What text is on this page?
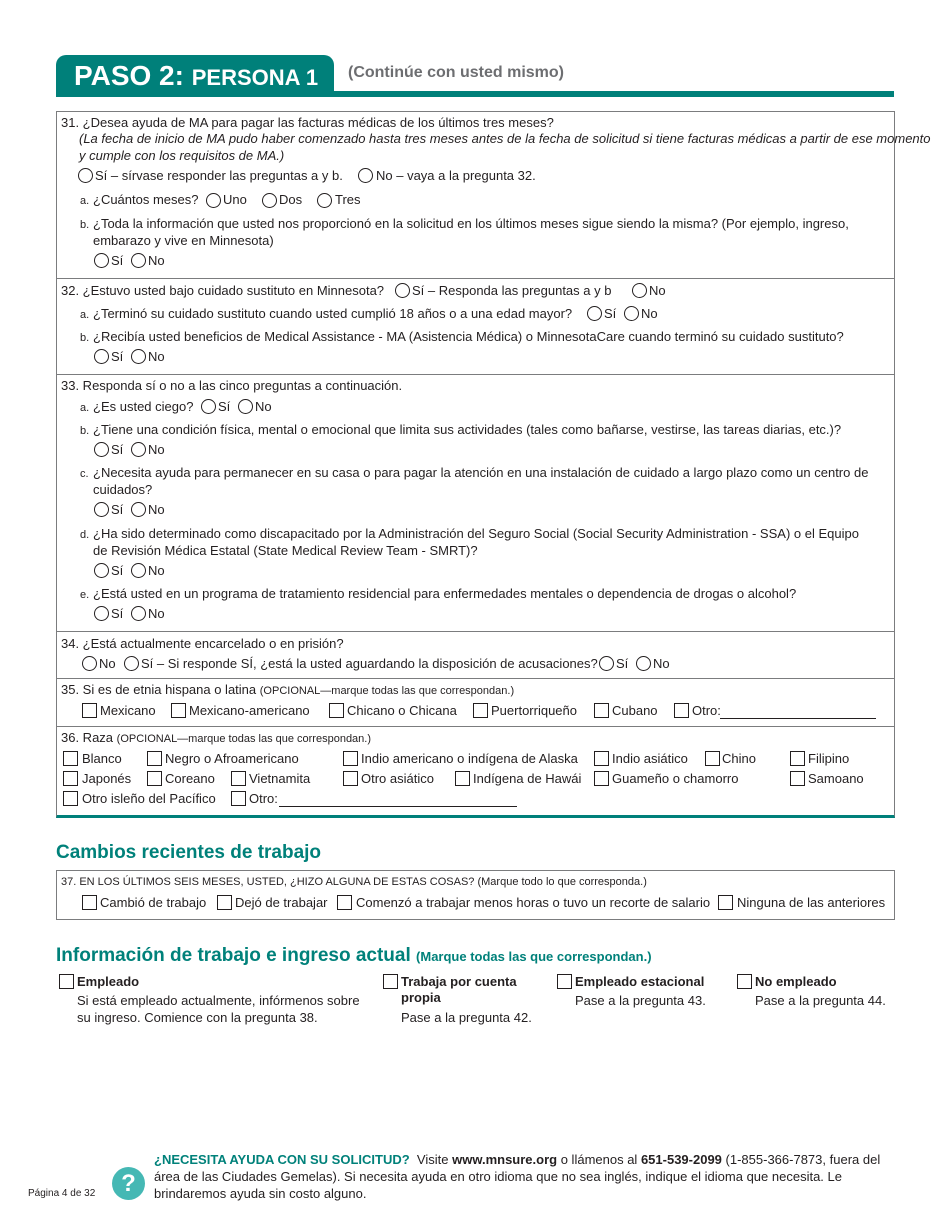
PASO 2: PERSONA 1 (Continúe con usted mismo)
31. ¿Desea ayuda de MA para pagar las facturas médicas de los últimos tres meses?
(La fecha de inicio de MA pudo haber comenzado hasta tres meses antes de la fecha de solicitud si tiene facturas médicas a partir de ese momento
y cumple con los requisitos de MA.)
Sí – sírvase responder las preguntas a y b.	No – vaya a la pregunta 32.
a. ¿Cuántos meses? Uno Dos	Tres
b. ¿Toda la información que usted nos proporcionó en la solicitud en los últimos meses sigue siendo la misma? (Por ejemplo, ingreso,
embarazo y vive en Minnesota)
Sí No
32. ¿Estuvo usted bajo cuidado sustituto en Minnesota? Sí – Responda las preguntas a y b	No
a. ¿Terminó su cuidado sustituto cuando usted cumplió 18 años o a una edad mayor? Sí No
b. ¿Recibía usted beneficios de Medical Assistance - MA (Asistencia Médica) o MinnesotaCare cuando terminó su cuidado sustituto?
Sí No
33. Responda sí o no a las cinco preguntas a continuación.
a. ¿Es usted ciego? Sí No
b. ¿Tiene una condición física, mental o emocional que limita sus actividades (tales como bañarse, vestirse, las tareas diarias, etc.)?
Sí No
c. ¿Necesita ayuda para permanecer en su casa o para pagar la atención en una instalación de cuidado a largo plazo como un centro de
cuidados?
Sí No
d. ¿Ha sido determinado como discapacitado por la Administración del Seguro Social (Social Security Administration - SSA) o el Equipo
de Revisión Médica Estatal (State Medical Review Team - SMRT)?
Sí No
e. ¿Está usted en un programa de tratamiento residencial para enfermedades mentales o dependencia de drogas o alcohol?
Sí No
34. ¿Está actualmente encarcelado o en prisión?
No Sí – Si responde SÍ, ¿está la usted aguardando la disposición de acusaciones? Sí No
35. Si es de etnia hispana o latina (OPCIONAL—marque todas las que correspondan.)
Mexicano	Mexicano-americano	Chicano o Chicana	Puertorriqueño	Cubano	Otro:
36. Raza (OPCIONAL—marque todas las que correspondan.)
Blanco	Negro o Afroamericano	Indio americano o indígena de Alaska	Indio asiático	Chino	Filipino
Japonés	Coreano	Vietnamita	Otro asiático	Indígena de Hawái Guameño o chamorro	Samoano
Otro isleño del Pacífico	Otro:
Cambios recientes de trabajo
37. EN LOS ÚLTIMOS SEIS MESES, USTED, ¿HIZO ALGUNA DE ESTAS COSAS? (Marque todo lo que corresponda.)
Cambió de trabajo Dejó de trabajar Comenzó a trabajar menos horas o tuvo un recorte de salario Ninguna de las anteriores
Información de trabajo e ingreso actual (Marque todas las que correspondan.)
Empleado
Si está empleado actualmente, infórmenos sobre
su ingreso. Comience con la pregunta 38.
Trabaja por cuenta
propia
Pase a la pregunta 42.
Empleado estacional
Pase a la pregunta 43.
No empleado
Pase a la pregunta 44.
Página 4 de 32	?
¿NECESITA AYUDA CON SU SOLICITUD? Visite www.mnsure.org o llámenos al 651-539-2099 (1-855-366-7873, fuera del área de las Ciudades Gemelas). Si necesita ayuda en otro idioma que no sea inglés, indique el idioma que necesita. Le brindaremos ayuda sin costo alguno.
